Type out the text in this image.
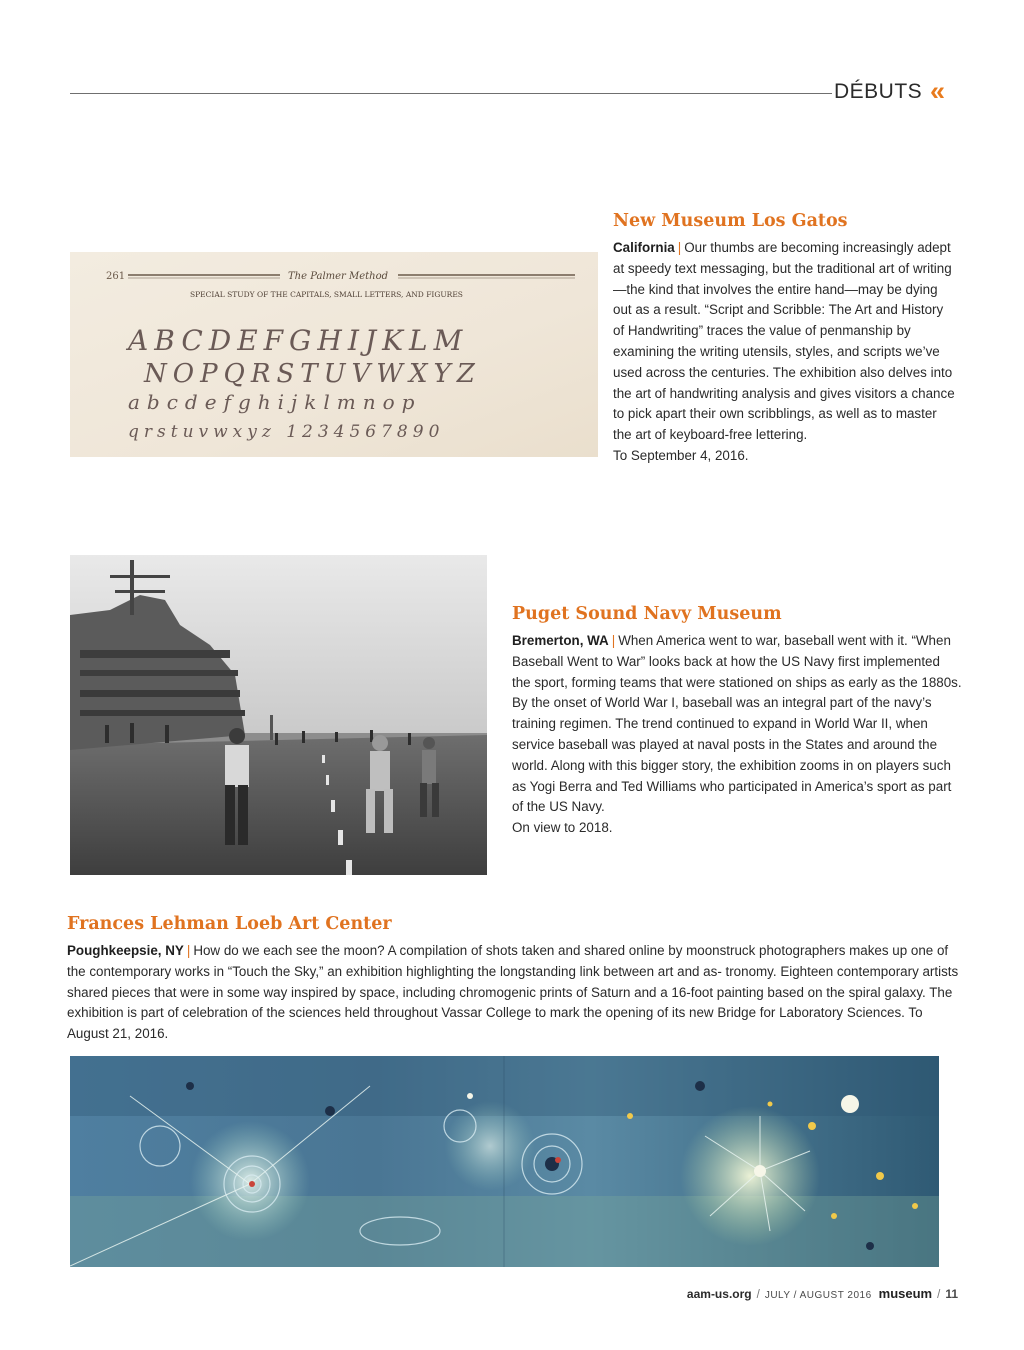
DÉBUTS «
261	The Palmer Method
SPECIAL STUDY OF THE CAPITALS, SMALL LETTERS, AND FIGURES
ABCDEFGHIJKLM
NOPQRSTUVWXYZ
abcdefghijklmnop
qrstuvwxyz 1234567890
New Museum Los Gatos

California | Our thumbs are becoming increasingly adept at speedy text messaging, but the traditional art of writing—the kind that involves the entire hand—may be dying out as a result. “Script and Scribble: The Art and History of Handwriting” traces the value of penmanship by examining the writing utensils, styles, and scripts we’ve used across the centuries. The exhibition also delves into the art of handwriting analysis and gives visitors a chance to pick apart their own scribblings, as well as to master the art of keyboard-free lettering.
To September 4, 2016.

Puget Sound Navy Museum

Bremerton, WA | When America went to war, baseball went with it. “When Baseball Went to War” looks back at how the US Navy first implemented the sport, forming teams that were stationed on ships as early as the 1880s. By the onset of World War I, baseball was an integral part of the navy’s training regimen. The trend continued to expand in World War II, when service baseball was played at naval posts in the States and around the world. Along with this bigger story, the exhibition zooms in on players such as Yogi Berra and Ted Williams who participated in America’s sport as part of the US Navy.
On view to 2018.

Frances Lehman Loeb Art Center

Poughkeepsie, NY | How do we each see the moon? A compilation of shots taken and shared online by moonstruck photographers makes up one of the contemporary works in “Touch the Sky,” an exhibition highlighting the longstanding link between art and as- tronomy. Eighteen contemporary artists shared pieces that were in some way inspired by space, including chromogenic prints of Saturn and a 16-foot painting based on the spiral galaxy. The exhibition is part of celebration of the sciences held throughout Vassar College to mark the opening of its new Bridge for Laboratory Sciences. To August 21, 2016.

aam-us.org / JULY / AUGUST 2016 museum / 11
